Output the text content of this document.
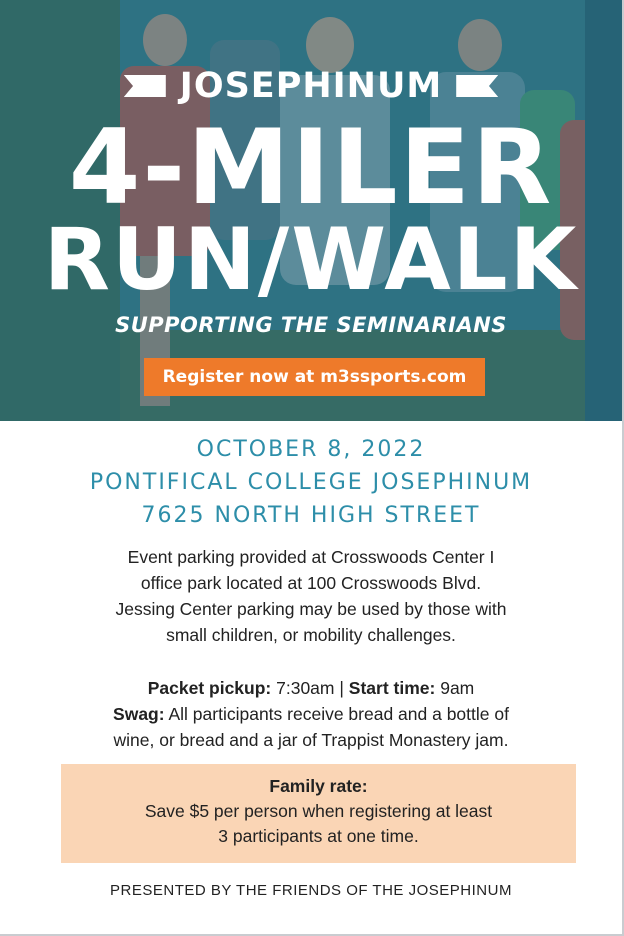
JOSEPHINUM
4-MILER
RUN/WALK
SUPPORTING THE SEMINARIANS
Register now at m3ssports.com
OCTOBER 8, 2022
PONTIFICAL COLLEGE JOSEPHINUM
7625 NORTH HIGH STREET
Event parking provided at Crosswoods Center I
office park located at 100 Crosswoods Blvd.
Jessing Center parking may be used by those with
small children, or mobility challenges.
Packet pickup: 7:30am | Start time: 9am
Swag: All participants receive bread and a bottle of
wine, or bread and a jar of Trappist Monastery jam.
Family rate:
Save $5 per person when registering at least
3 participants at one time.
PRESENTED BY THE FRIENDS OF THE JOSEPHINUM
